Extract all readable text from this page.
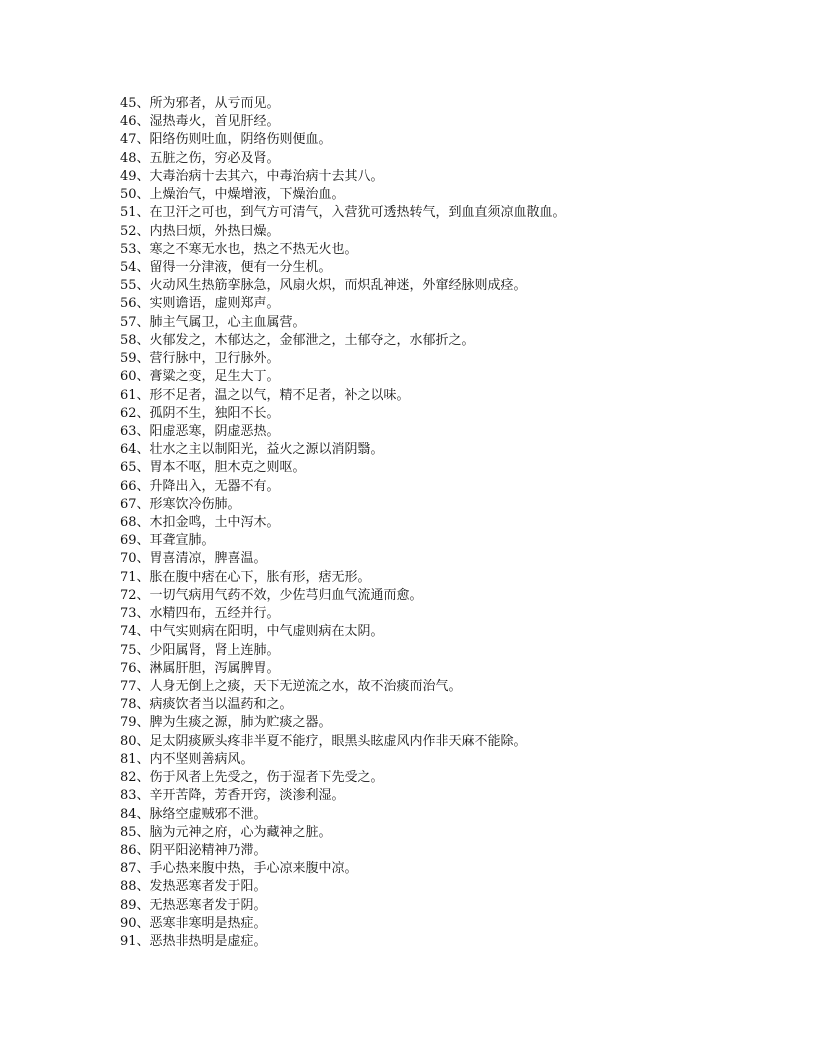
45、所为邪者，从亏而见。
46、湿热毒火，首见肝经。
47、阳络伤则吐血，阴络伤则便血。
48、五脏之伤，穷必及肾。
49、大毒治病十去其六，中毒治病十去其八。
50、上燥治气，中燥增液，下燥治血。
51、在卫汗之可也，到气方可清气，入营犹可透热转气，到血直须凉血散血。
52、内热曰烦，外热曰燥。
53、寒之不寒无水也，热之不热无火也。
54、留得一分津液，便有一分生机。
55、火动风生热筋挛脉急，风扇火炽，而炽乱神迷，外窜经脉则成痉。
56、实则谵语，虚则郑声。
57、肺主气属卫，心主血属营。
58、火郁发之，木郁达之，金郁泄之，土郁夺之，水郁折之。
59、营行脉中，卫行脉外。
60、膏粱之变，足生大丁。
61、形不足者，温之以气，精不足者，补之以味。
62、孤阴不生，独阳不长。
63、阳虚恶寒，阴虚恶热。
64、壮水之主以制阳光，益火之源以消阴翳。
65、胃本不呕，胆木克之则呕。
66、升降出入，无器不有。
67、形寒饮冷伤肺。
68、木扣金鸣，土中泻木。
69、耳聋宣肺。
70、胃喜清凉，脾喜温。
71、胀在腹中痞在心下，胀有形，痞无形。
72、一切气病用气药不效，少佐芎归血气流通而愈。
73、水精四布，五经并行。
74、中气实则病在阳明，中气虚则病在太阴。
75、少阳属肾，肾上连肺。
76、淋属肝胆，泻属脾胃。
77、人身无倒上之痰，天下无逆流之水，故不治痰而治气。
78、病痰饮者当以温药和之。
79、脾为生痰之源，肺为贮痰之器。
80、足太阴痰厥头疼非半夏不能疗，眼黑头眩虚风内作非天麻不能除。
81、内不坚则善病风。
82、伤于风者上先受之，伤于湿者下先受之。
83、辛开苦降，芳香开窍，淡渗利湿。
84、脉络空虚贼邪不泄。
85、脑为元神之府，心为藏神之脏。
86、阴平阳泌精神乃滞。
87、手心热来腹中热，手心凉来腹中凉。
88、发热恶寒者发于阳。
89、无热恶寒者发于阴。
90、恶寒非寒明是热症。
91、恶热非热明是虚症。
